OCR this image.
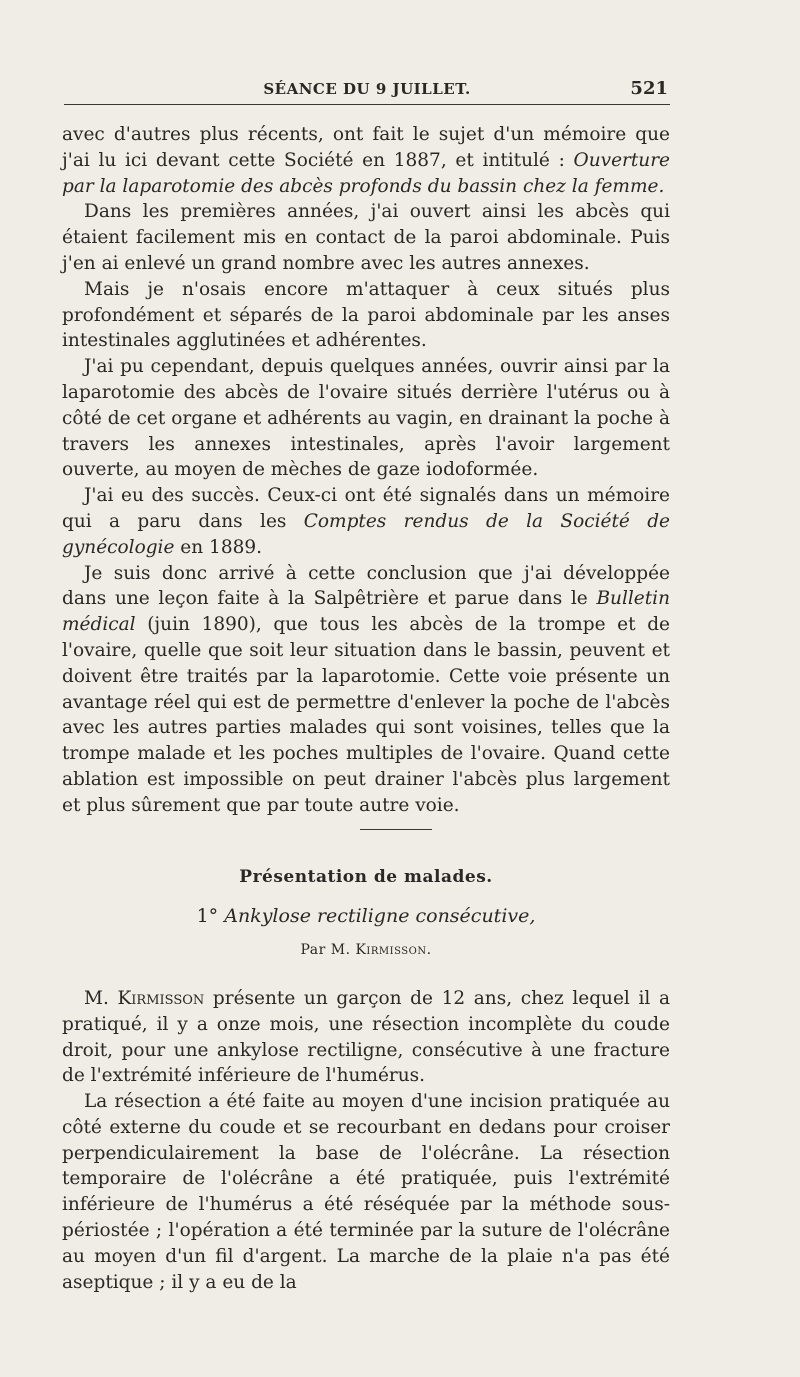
SÉANCE DU 9 JUILLET.	521

avec d'autres plus récents, ont fait le sujet d'un mémoire que j'ai lu ici devant cette Société en 1887, et intitulé : Ouverture par la laparotomie des abcès profonds du bassin chez la femme.

Dans les premières années, j'ai ouvert ainsi les abcès qui étaient facilement mis en contact de la paroi abdominale. Puis j'en ai enlevé un grand nombre avec les autres annexes.

Mais je n'osais encore m'attaquer à ceux situés plus profondément et séparés de la paroi abdominale par les anses intestinales agglutinées et adhérentes.

J'ai pu cependant, depuis quelques années, ouvrir ainsi par la laparotomie des abcès de l'ovaire situés derrière l'utérus ou à côté de cet organe et adhérents au vagin, en drainant la poche à travers les annexes intestinales, après l'avoir largement ouverte, au moyen de mèches de gaze iodoformée.

J'ai eu des succès. Ceux-ci ont été signalés dans un mémoire qui a paru dans les Comptes rendus de la Société de gynécologie en 1889.

Je suis donc arrivé à cette conclusion que j'ai développée dans une leçon faite à la Salpêtrière et parue dans le Bulletin médical (juin 1890), que tous les abcès de la trompe et de l'ovaire, quelle que soit leur situation dans le bassin, peuvent et doivent être traités par la laparotomie. Cette voie présente un avantage réel qui est de permettre d'enlever la poche de l'abcès avec les autres parties malades qui sont voisines, telles que la trompe malade et les poches multiples de l'ovaire. Quand cette ablation est impossible on peut drainer l'abcès plus largement et plus sûrement que par toute autre voie.

Présentation de malades.
1° Ankylose rectiligne consécutive,
Par M. Kirmisson.

M. Kirmisson présente un garçon de 12 ans, chez lequel il a pratiqué, il y a onze mois, une résection incomplète du coude droit, pour une ankylose rectiligne, consécutive à une fracture de l'extrémité inférieure de l'humérus.

La résection a été faite au moyen d'une incision pratiquée au côté externe du coude et se recourbant en dedans pour croiser perpendiculairement la base de l'olécrâne. La résection temporaire de l'olécrâne a été pratiquée, puis l'extrémité inférieure de l'humérus a été réséquée par la méthode sous-périostée ; l'opération a été terminée par la suture de l'olécrâne au moyen d'un fil d'argent. La marche de la plaie n'a pas été aseptique ; il y a eu de la
